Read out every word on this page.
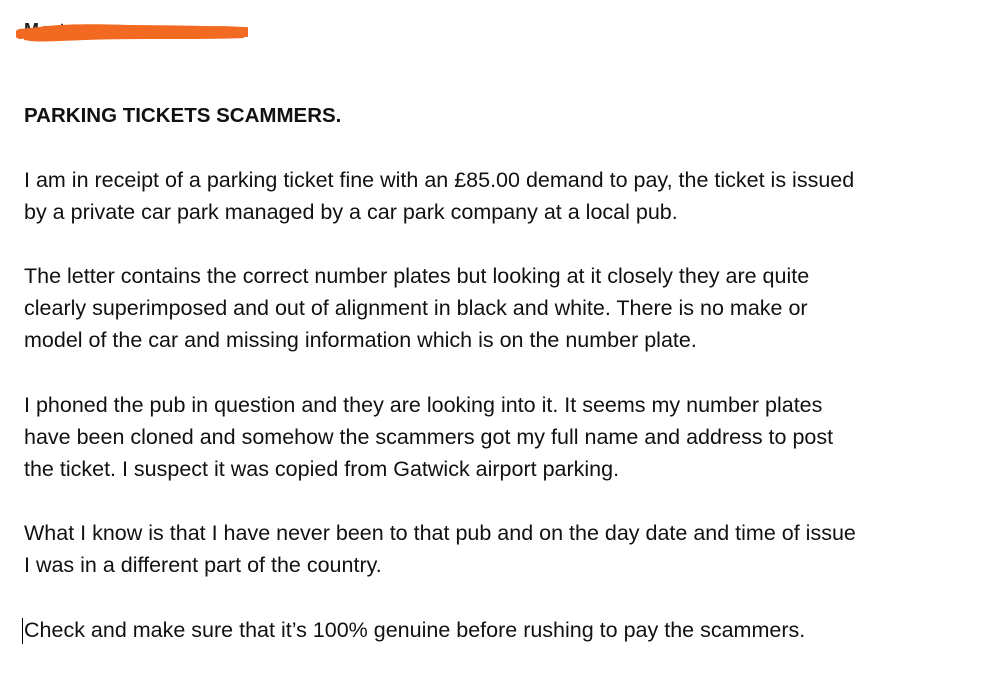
PARKING TICKETS SCAMMERS.

I am in receipt of a parking ticket fine with an £85.00 demand to pay, the ticket is issued
by a private car park managed by a car park company at a local pub.

The letter contains the correct number plates but looking at it closely they are quite
clearly superimposed and out of alignment in black and white. There is no make or
model of the car and missing information which is on the number plate.

I phoned the pub in question and they are looking into it. It seems my number plates
have been cloned and somehow the scammers got my full name and address to post
the ticket. I suspect it was copied from Gatwick airport parking.

What I know is that I have never been to that pub and on the day date and time of issue
I was in a different part of the country.

Check and make sure that it’s 100% genuine before rushing to pay the scammers.
